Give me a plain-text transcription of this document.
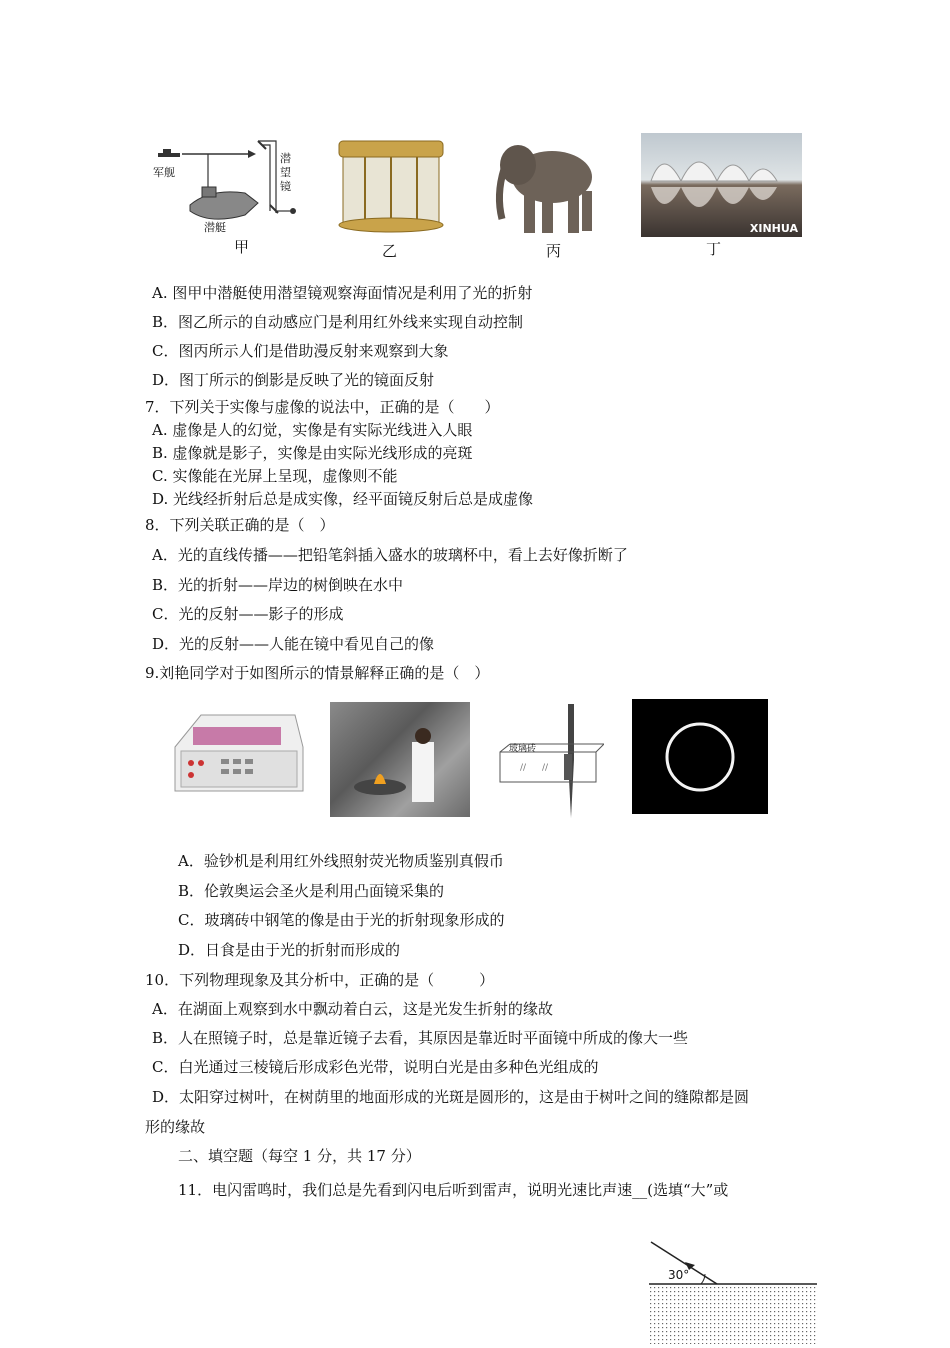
军舰
潜艇
潜望镜
甲	乙	丙
XINHUA
丁
A. 图甲中潜艇使用潜望镜观察海面情况是利用了光的折射
B．图乙所示的自动感应门是利用红外线来实现自动控制
C．图丙所示人们是借助漫反射来观察到大象
D．图丁所示的倒影是反映了光的镜面反射
7．下列关于实像与虚像的说法中，正确的是（　　）
A. 虚像是人的幻觉，实像是有实际光线进入人眼
B. 虚像就是影子，实像是由实际光线形成的亮斑
C. 实像能在光屏上呈现，虚像则不能
D. 光线经折射后总是成实像，经平面镜反射后总是成虚像
8．下列关联正确的是（　）
A．光的直线传播——把铅笔斜插入盛水的玻璃杯中，看上去好像折断了
B．光的折射——岸边的树倒映在水中
C．光的反射——影子的形成
D．光的反射——人能在镜中看见自己的像
9.刘艳同学对于如图所示的情景解释正确的是（　）
// //
玻璃砖
A．验钞机是利用红外线照射荧光物质鉴别真假币
B．伦敦奥运会圣火是利用凸面镜采集的
C．玻璃砖中钢笔的像是由于光的折射现象形成的
D．日食是由于光的折射而形成的
10．下列物理现象及其分析中，正确的是（　　　）
A．在湖面上观察到水中飘动着白云，这是光发生折射的缘故
B．人在照镜子时，总是靠近镜子去看，其原因是靠近时平面镜中所成的像大一些
C．白光通过三棱镜后形成彩色光带，说明白光是由多种色光组成的
D．太阳穿过树叶，在树荫里的地面形成的光斑是圆形的，这是由于树叶之间的缝隙都是圆
形的缘故
二、填空题（每空 1 分，共 17 分）
11．电闪雷鸣时，我们总是先看到闪电后听到雷声，说明光速比声速__(选填“大”或
30°
